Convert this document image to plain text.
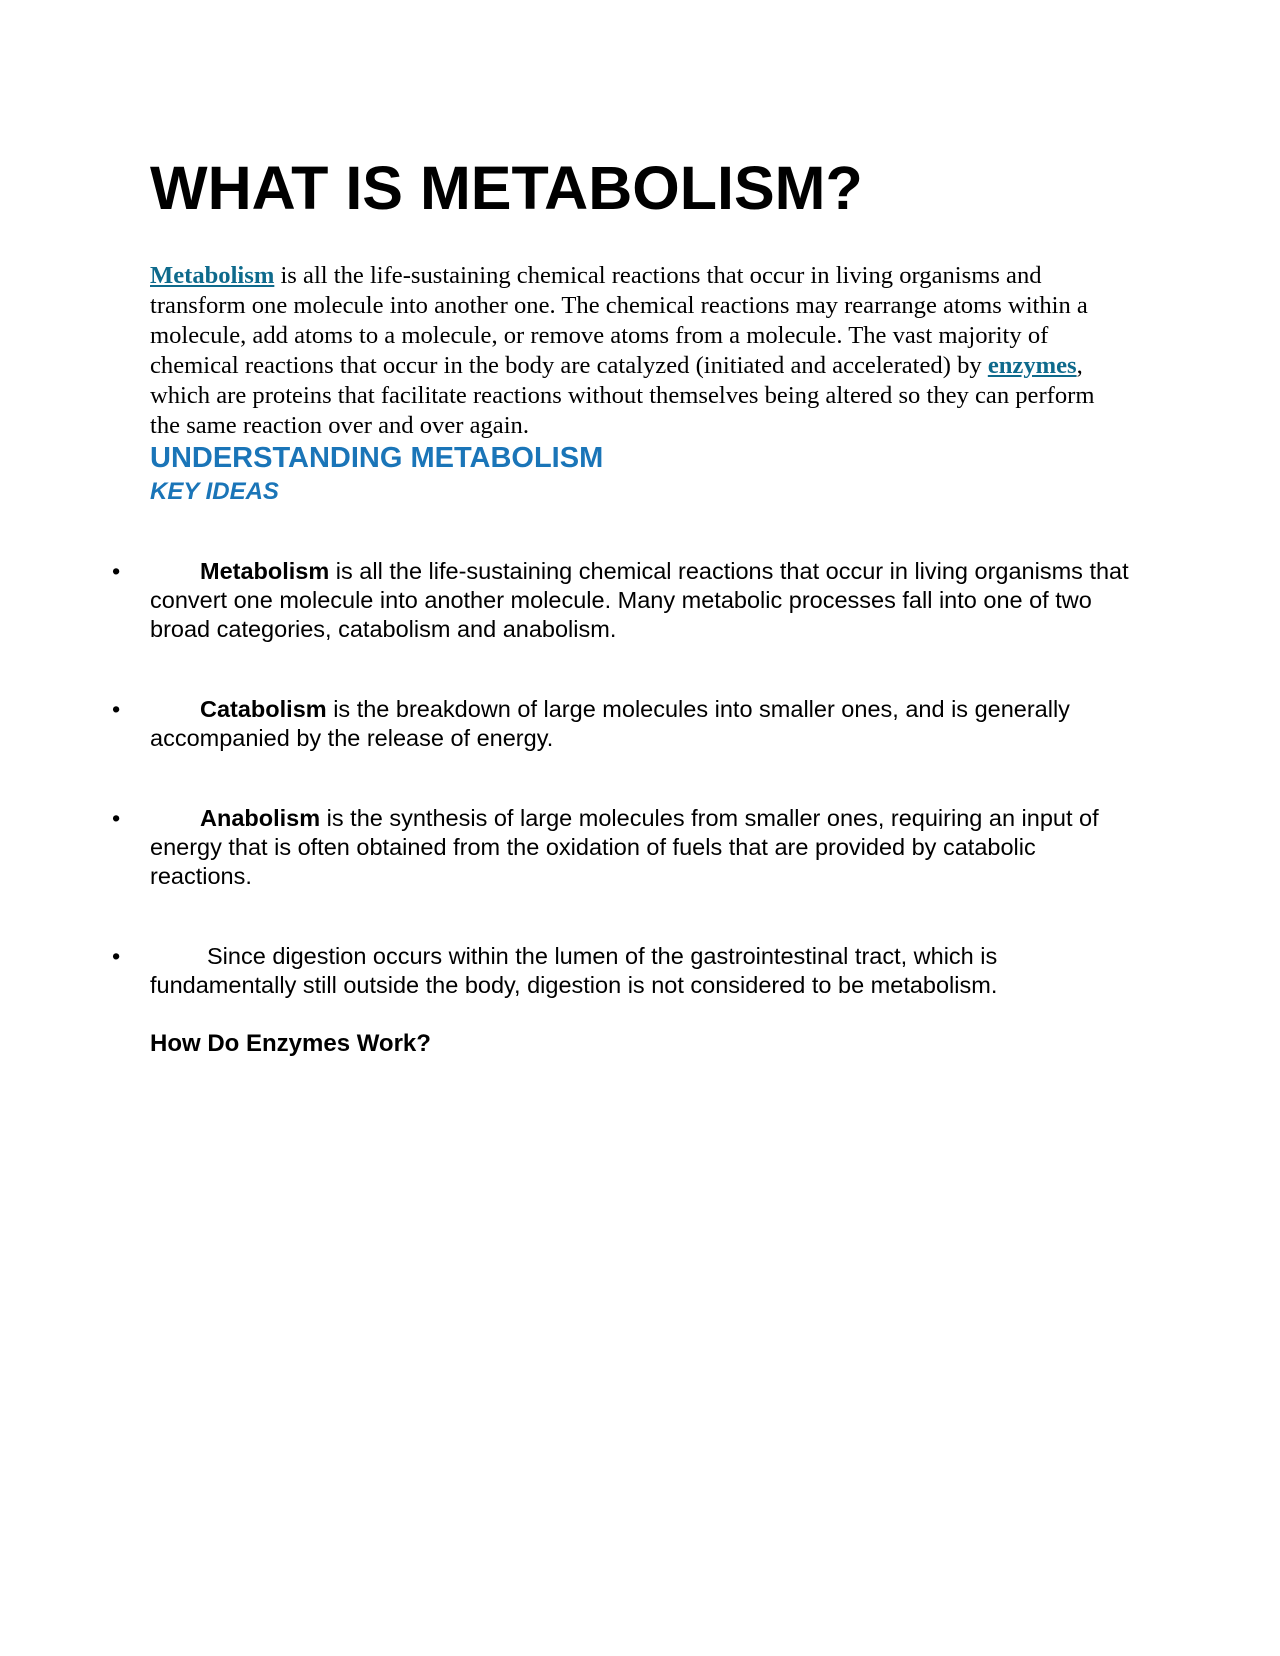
WHAT IS METABOLISM?

Metabolism is all the life-sustaining chemical reactions that occur in living organisms and transform one molecule into another one. The chemical reactions may rearrange atoms within a molecule, add atoms to a molecule, or remove atoms from a molecule. The vast majority of chemical reactions that occur in the body are catalyzed (initiated and accelerated) by enzymes, which are proteins that facilitate reactions without themselves being altered so they can perform the same reaction over and over again.

UNDERSTANDING METABOLISM
KEY IDEAS
•	Metabolism is all the life-sustaining chemical reactions that occur in living organisms that convert one molecule into another molecule. Many metabolic processes fall into one of two broad categories, catabolism and anabolism.
•	Catabolism is the breakdown of large molecules into smaller ones, and is generally accompanied by the release of energy.
•	Anabolism is the synthesis of large molecules from smaller ones, requiring an input of energy that is often obtained from the oxidation of fuels that are provided by catabolic reactions.
•	Since digestion occurs within the lumen of the gastrointestinal tract, which is fundamentally still outside the body, digestion is not considered to be metabolism.
How Do Enzymes Work?
